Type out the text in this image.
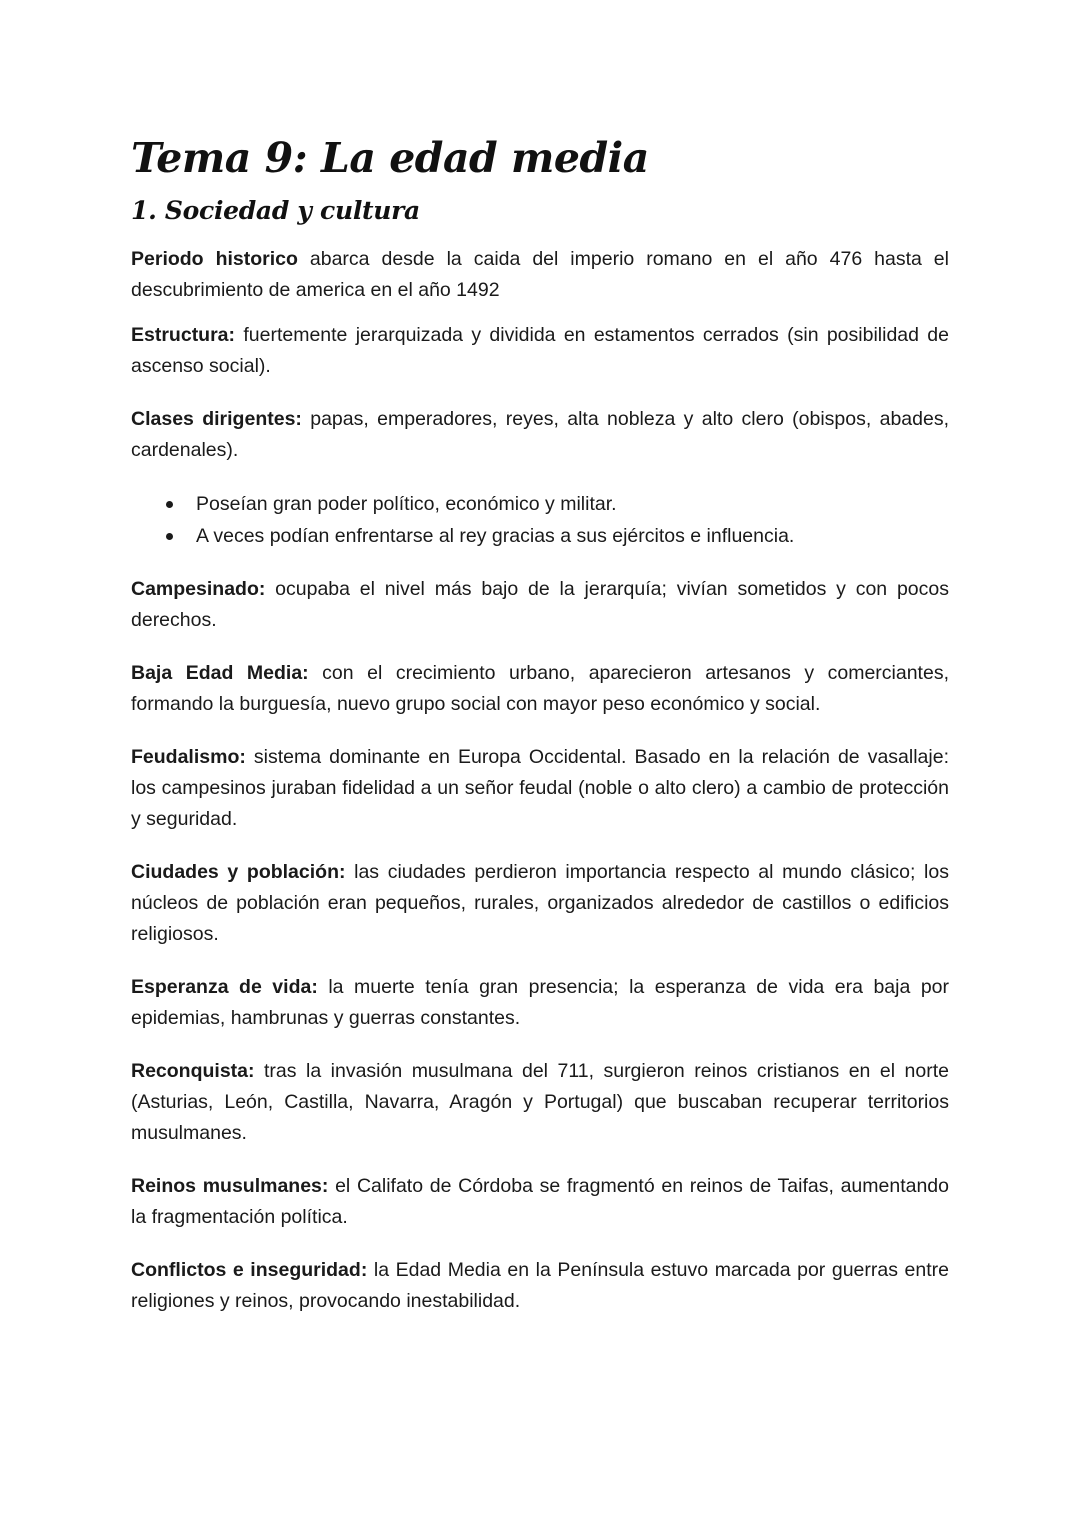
Tema 9: La edad media
1. Sociedad y cultura

Periodo historico abarca desde la caida del imperio romano en el año 476 hasta el descubrimiento de america en el año 1492

Estructura: fuertemente jerarquizada y dividida en estamentos cerrados (sin posibilidad de ascenso social).

Clases dirigentes: papas, emperadores, reyes, alta nobleza y alto clero (obispos, abades, cardenales).

Poseían gran poder político, económico y militar.
A veces podían enfrentarse al rey gracias a sus ejércitos e influencia.

Campesinado: ocupaba el nivel más bajo de la jerarquía; vivían sometidos y con pocos derechos.

Baja Edad Media: con el crecimiento urbano, aparecieron artesanos y comerciantes, formando la burguesía, nuevo grupo social con mayor peso económico y social.

Feudalismo: sistema dominante en Europa Occidental. Basado en la relación de vasallaje: los campesinos juraban fidelidad a un señor feudal (noble o alto clero) a cambio de protección y seguridad.

Ciudades y población: las ciudades perdieron importancia respecto al mundo clásico; los núcleos de población eran pequeños, rurales, organizados alrededor de castillos o edificios religiosos.

Esperanza de vida: la muerte tenía gran presencia; la esperanza de vida era baja por epidemias, hambrunas y guerras constantes.

Reconquista: tras la invasión musulmana del 711, surgieron reinos cristianos en el norte (Asturias, León, Castilla, Navarra, Aragón y Portugal) que buscaban recuperar territorios musulmanes.

Reinos musulmanes: el Califato de Córdoba se fragmentó en reinos de Taifas, aumentando la fragmentación política.

Conflictos e inseguridad: la Edad Media en la Península estuvo marcada por guerras entre religiones y reinos, provocando inestabilidad.
